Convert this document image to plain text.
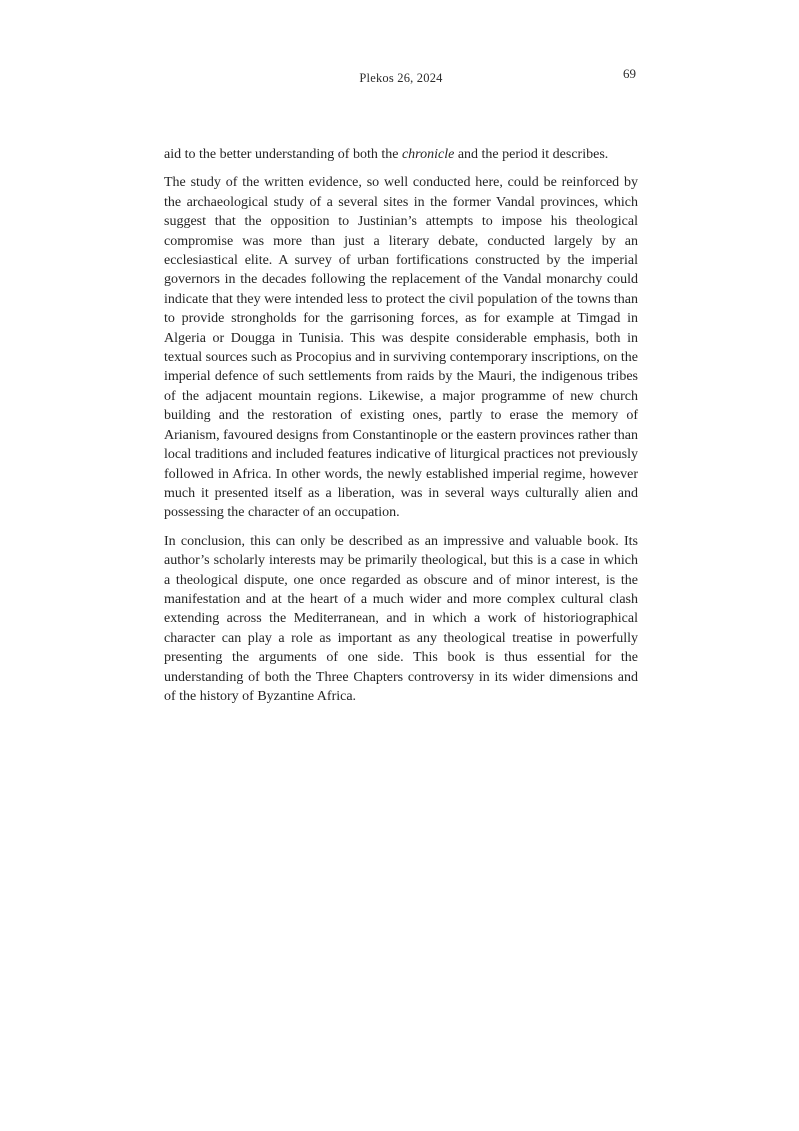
Plekos 26, 2024	69

aid to the better understanding of both the chronicle and the period it describes.

The study of the written evidence, so well conducted here, could be reinforced by the archaeological study of a several sites in the former Vandal provinces, which suggest that the opposition to Justinian’s attempts to impose his theological compromise was more than just a literary debate, conducted largely by an ecclesiastical elite. A survey of urban fortifications constructed by the imperial governors in the decades following the replacement of the Vandal monarchy could indicate that they were intended less to protect the civil population of the towns than to provide strongholds for the garrisoning forces, as for example at Timgad in Algeria or Dougga in Tunisia. This was despite considerable emphasis, both in textual sources such as Procopius and in surviving contemporary inscriptions, on the imperial defence of such settlements from raids by the Mauri, the indigenous tribes of the adjacent mountain regions. Likewise, a major programme of new church building and the restoration of existing ones, partly to erase the memory of Arianism, favoured designs from Constantinople or the eastern provinces rather than local traditions and included features indicative of liturgical practices not previously followed in Africa. In other words, the newly established imperial regime, however much it presented itself as a liberation, was in several ways culturally alien and possessing the character of an occupation.

In conclusion, this can only be described as an impressive and valuable book. Its author’s scholarly interests may be primarily theological, but this is a case in which a theological dispute, one once regarded as obscure and of minor interest, is the manifestation and at the heart of a much wider and more complex cultural clash extending across the Mediterranean, and in which a work of historiographical character can play a role as important as any theological treatise in powerfully presenting the arguments of one side. This book is thus essential for the understanding of both the Three Chapters controversy in its wider dimensions and of the history of Byzantine Africa.
